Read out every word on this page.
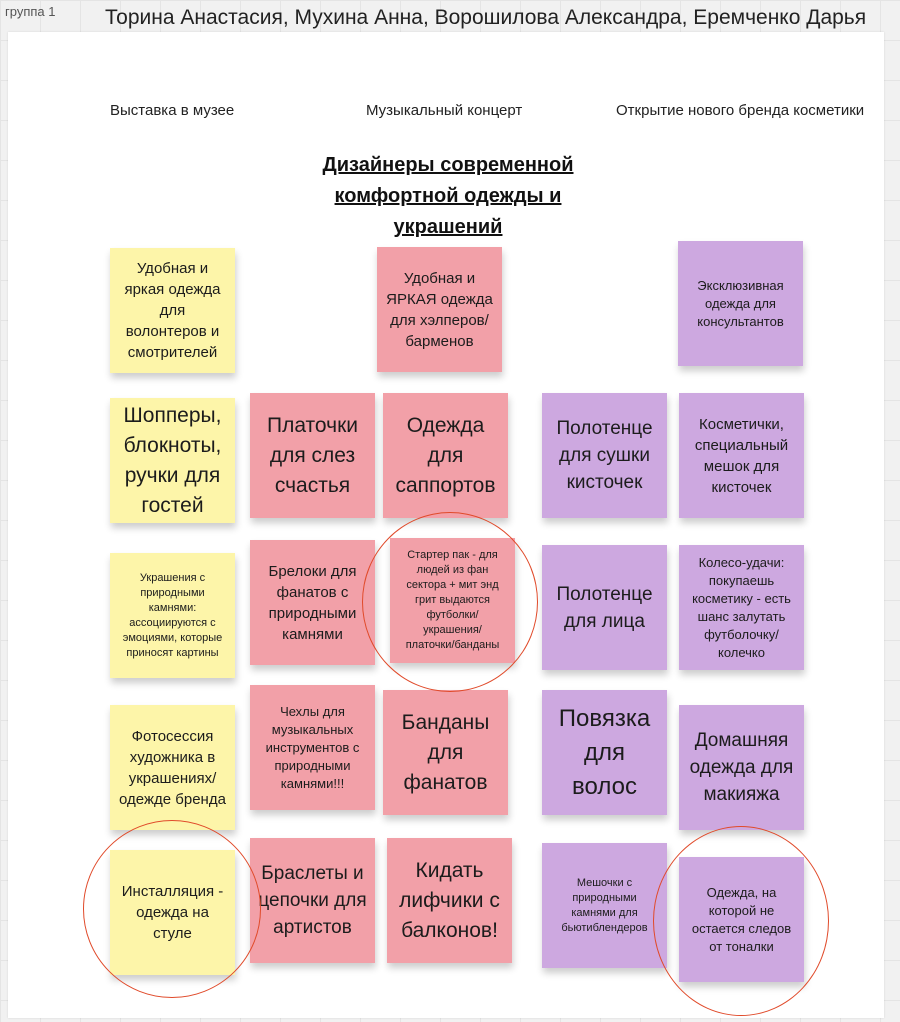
группа 1 Торина Анастасия, Мухина Анна, Ворошилова Александра, Еремченко Дарья
Выставка в музее	Музыкальный концерт	Открытие нового бренда косметики
Дизайнеры современной комфортной одежды и украшений
Удобная и яркая одежда для волонтеров и смотрителей
Удобная и ЯРКАЯ одежда для хэлперов/ барменов
Эксклюзивная одежда для консультантов
Шопперы, блокноты, ручки для гостей
Платочки для слез счастья
Одежда для саппортов
Полотенце для сушки кисточек
Косметички, специальный мешок для кисточек
Украшения с природными камнями: ассоциируются с эмоциями, которые приносят картины
Брелоки для фанатов с природными камнями
Стартер пак - для людей из фан сектора + мит энд грит выдаются футболки/ украшения/ платочки/банданы
Полотенце для лица
Колесо-удачи: покупаешь косметику - есть шанс залутать футболочку/ колечко
Фотосессия художника в украшениях/ одежде бренда
Чехлы для музыкальных инструментов с природными камнями!!!
Банданы для фанатов
Повязка для волос
Домашняя одежда для макияжа
Инсталляция - одежда на стуле
Браслеты и цепочки для артистов
Кидать лифчики с балконов!
Мешочки с природными камнями для бьютиблендеров
Одежда, на которой не остается следов от тоналки
